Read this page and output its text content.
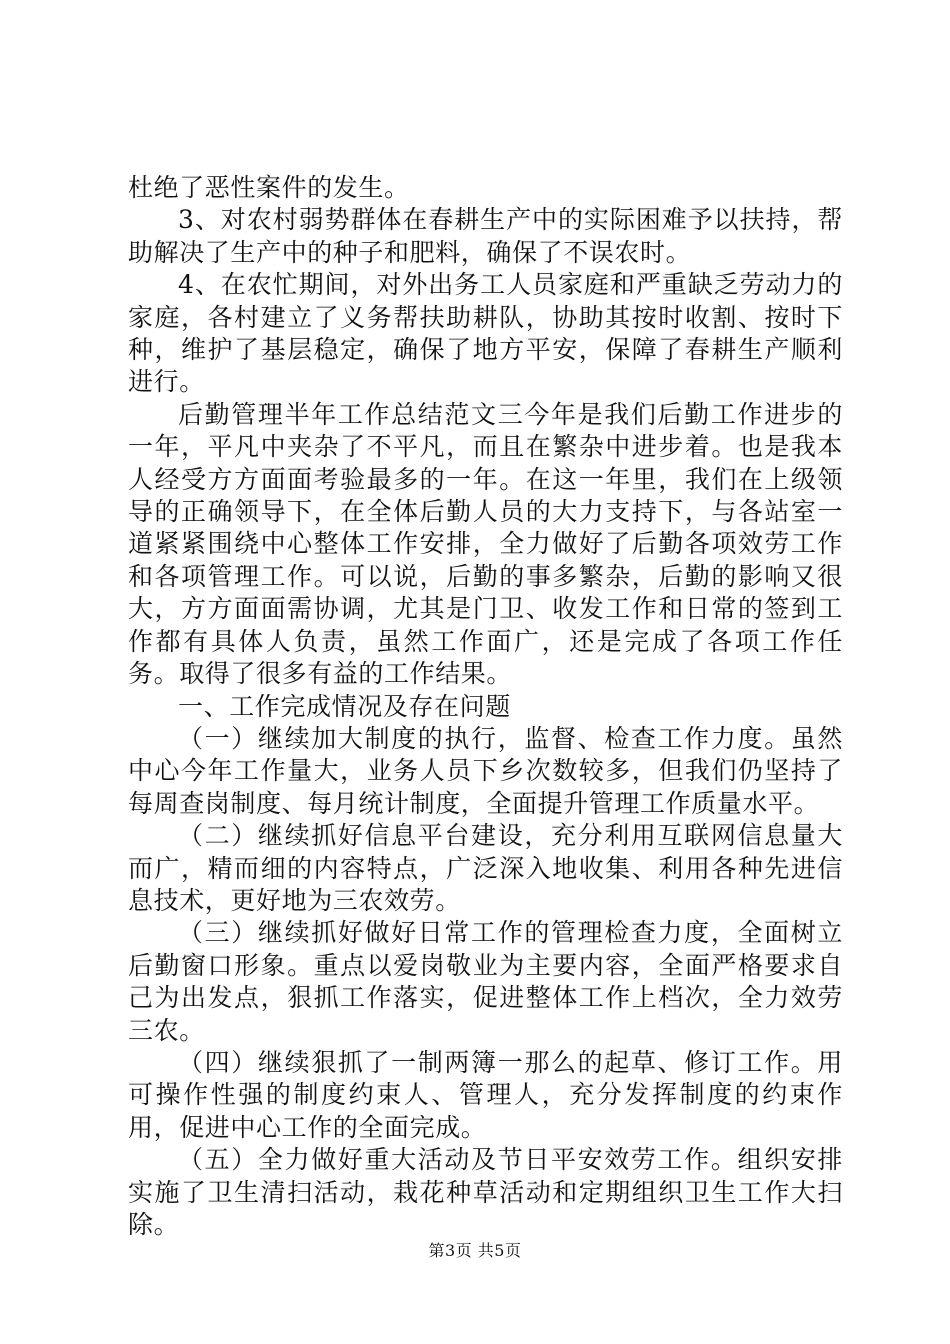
杜绝了恶性案件的发生。

3、对农村弱势群体在春耕生产中的实际困难予以扶持，帮助解决了生产中的种子和肥料，确保了不误农时。

4、在农忙期间，对外出务工人员家庭和严重缺乏劳动力的家庭，各村建立了义务帮扶助耕队，协助其按时收割、按时下种，维护了基层稳定，确保了地方平安，保障了春耕生产顺利进行。

后勤管理半年工作总结范文三今年是我们后勤工作进步的一年，平凡中夹杂了不平凡，而且在繁杂中进步着。也是我本人经受方方面面考验最多的一年。在这一年里，我们在上级领导的正确领导下，在全体后勤人员的大力支持下，与各站室一道紧紧围绕中心整体工作安排，全力做好了后勤各项效劳工作和各项管理工作。可以说，后勤的事多繁杂，后勤的影响又很大，方方面面需协调，尤其是门卫、收发工作和日常的签到工作都有具体人负责，虽然工作面广，还是完成了各项工作任务。取得了很多有益的工作结果。

一、工作完成情况及存在问题

（一）继续加大制度的执行，监督、检查工作力度。虽然中心今年工作量大，业务人员下乡次数较多，但我们仍坚持了每周查岗制度、每月统计制度，全面提升管理工作质量水平。

（二）继续抓好信息平台建设，充分利用互联网信息量大而广，精而细的内容特点，广泛深入地收集、利用各种先进信息技术，更好地为三农效劳。

（三）继续抓好做好日常工作的管理检查力度，全面树立后勤窗口形象。重点以爱岗敬业为主要内容，全面严格要求自己为出发点，狠抓工作落实，促进整体工作上档次，全力效劳三农。

（四）继续狠抓了一制两簿一那么的起草、修订工作。用可操作性强的制度约束人、管理人，充分发挥制度的约束作用，促进中心工作的全面完成。

（五）全力做好重大活动及节日平安效劳工作。组织安排实施了卫生清扫活动，栽花种草活动和定期组织卫生工作大扫除。

第3页 共5页
